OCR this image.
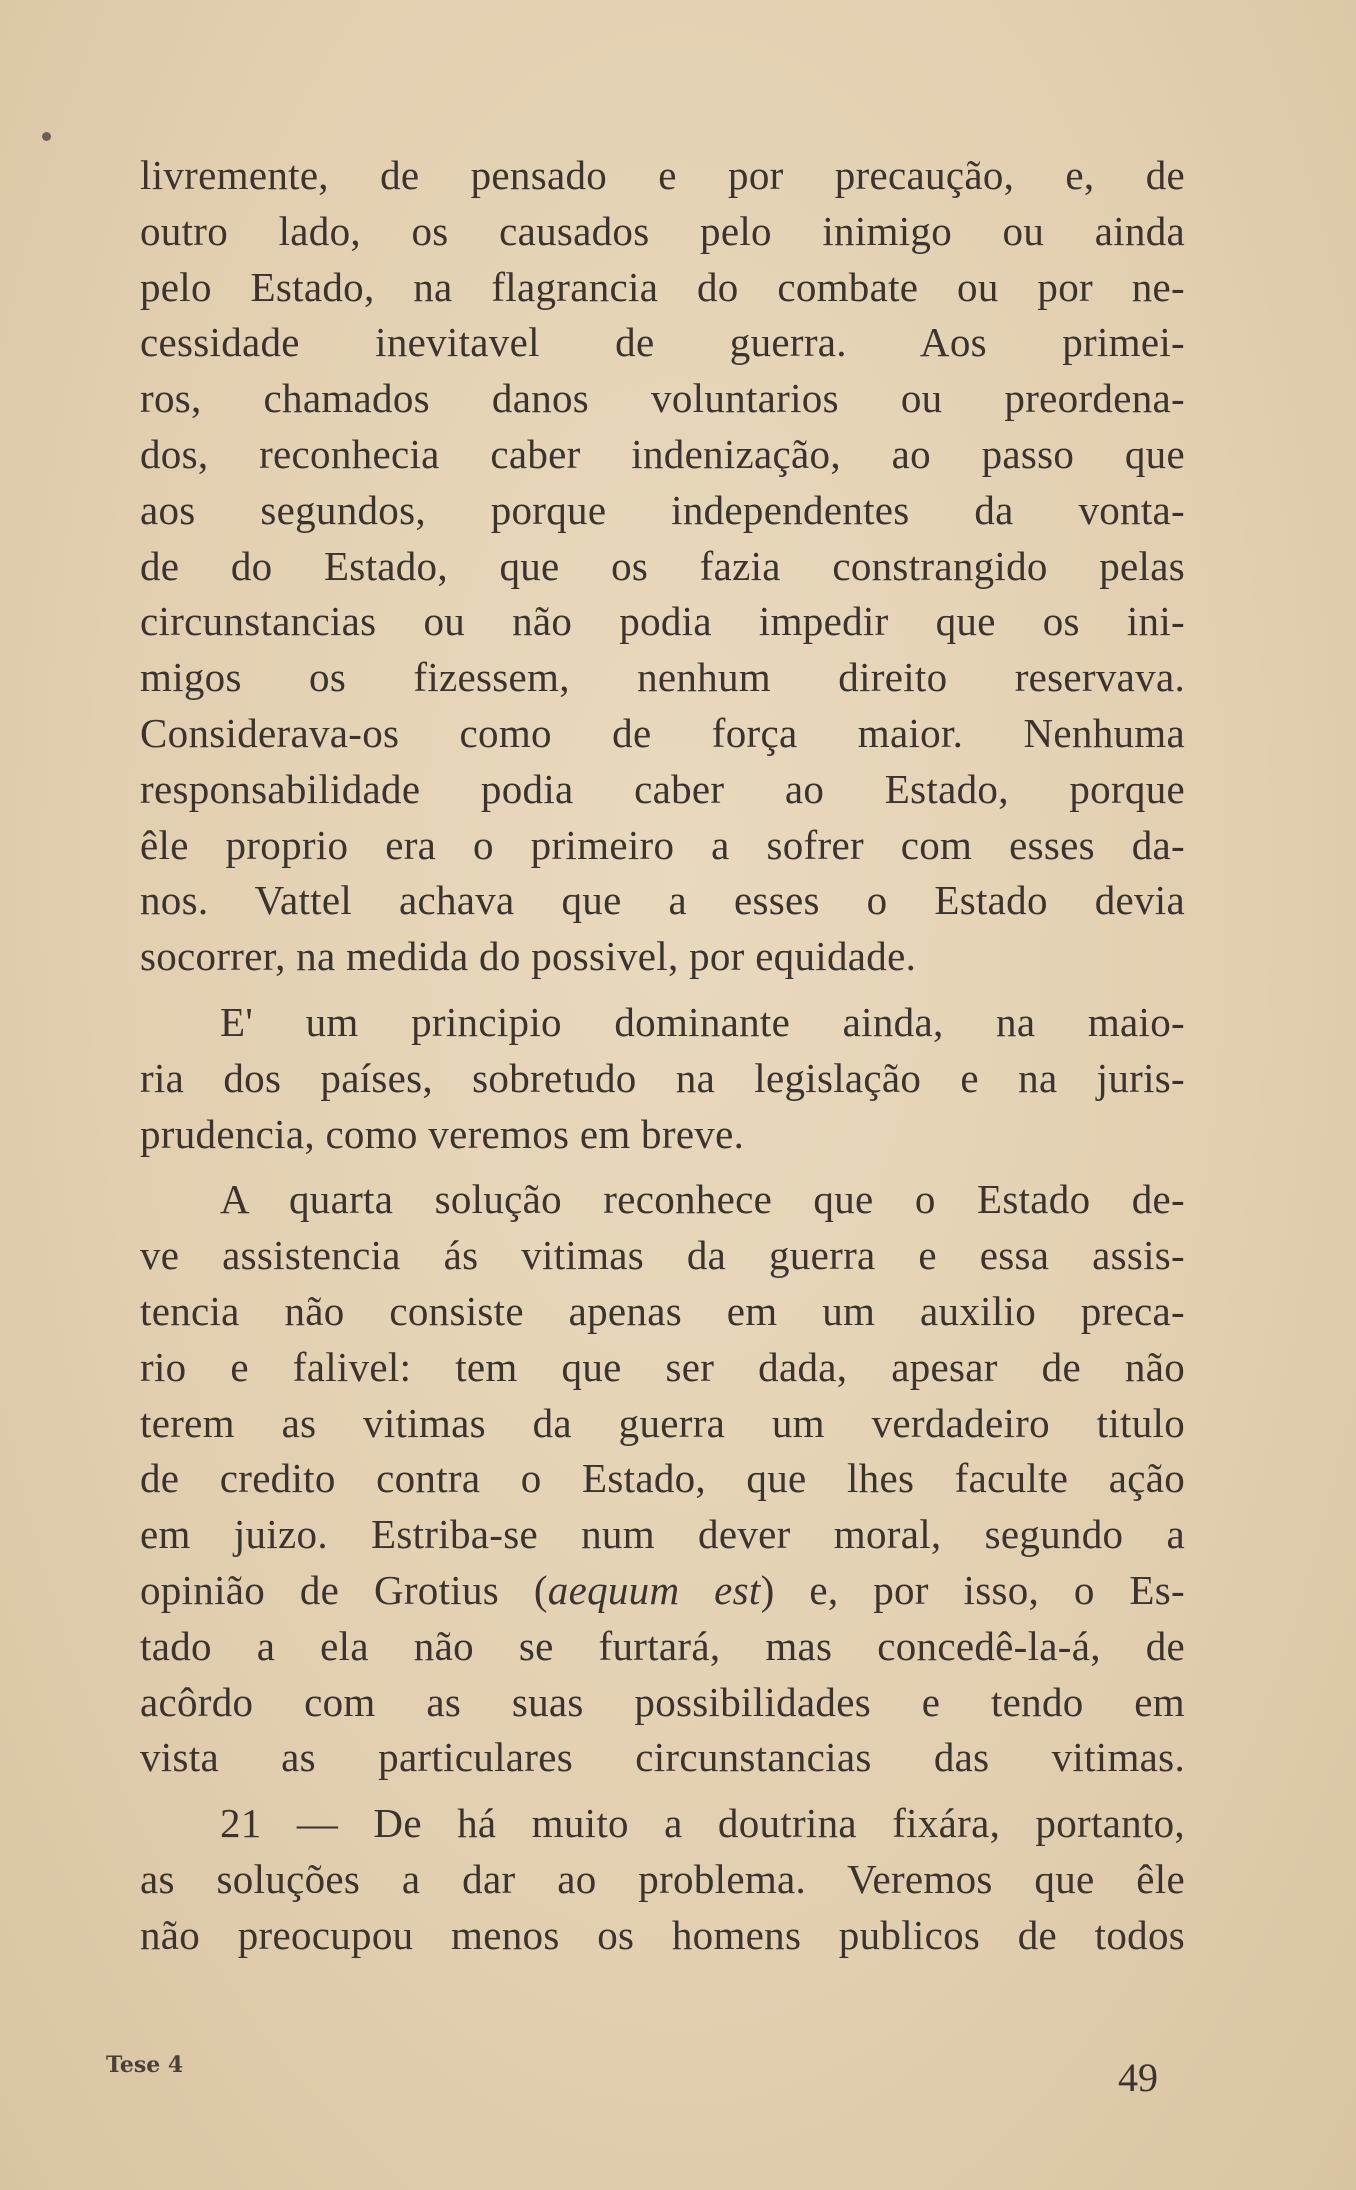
livremente, de pensado e por precaução, e, de
outro lado, os causados pelo inimigo ou ainda
pelo Estado, na flagrancia do combate ou por ne-
cessidade inevitavel de guerra. Aos primei-
ros, chamados danos voluntarios ou preordena-
dos, reconhecia caber indenização, ao passo que
aos segundos, porque independentes da vonta-
de do Estado, que os fazia constrangido pelas
circunstancias ou não podia impedir que os ini-
migos os fizessem, nenhum direito reservava.
Considerava-os como de força maior. Nenhuma
responsabilidade podia caber ao Estado, porque
êle proprio era o primeiro a sofrer com esses da-
nos. Vattel achava que a esses o Estado devia
socorrer, na medida do possivel, por equidade.

E' um principio dominante ainda, na maio-
ria dos países, sobretudo na legislação e na juris-
prudencia, como veremos em breve.

A quarta solução reconhece que o Estado de-
ve assistencia ás vitimas da guerra e essa assis-
tencia não consiste apenas em um auxilio preca-
rio e falivel: tem que ser dada, apesar de não
terem as vitimas da guerra um verdadeiro titulo
de credito contra o Estado, que lhes faculte ação
em juizo. Estriba-se num dever moral, segundo a
opinião de Grotius (aequum est) e, por isso, o Es-
tado a ela não se furtará, mas concedê-la-á, de
acôrdo com as suas possibilidades e tendo em
vista as particulares circunstancias das vitimas.

21 — De há muito a doutrina fixára, portanto,
as soluções a dar ao problema. Veremos que êle
não preocupou menos os homens publicos de todos

Tese 4	49
